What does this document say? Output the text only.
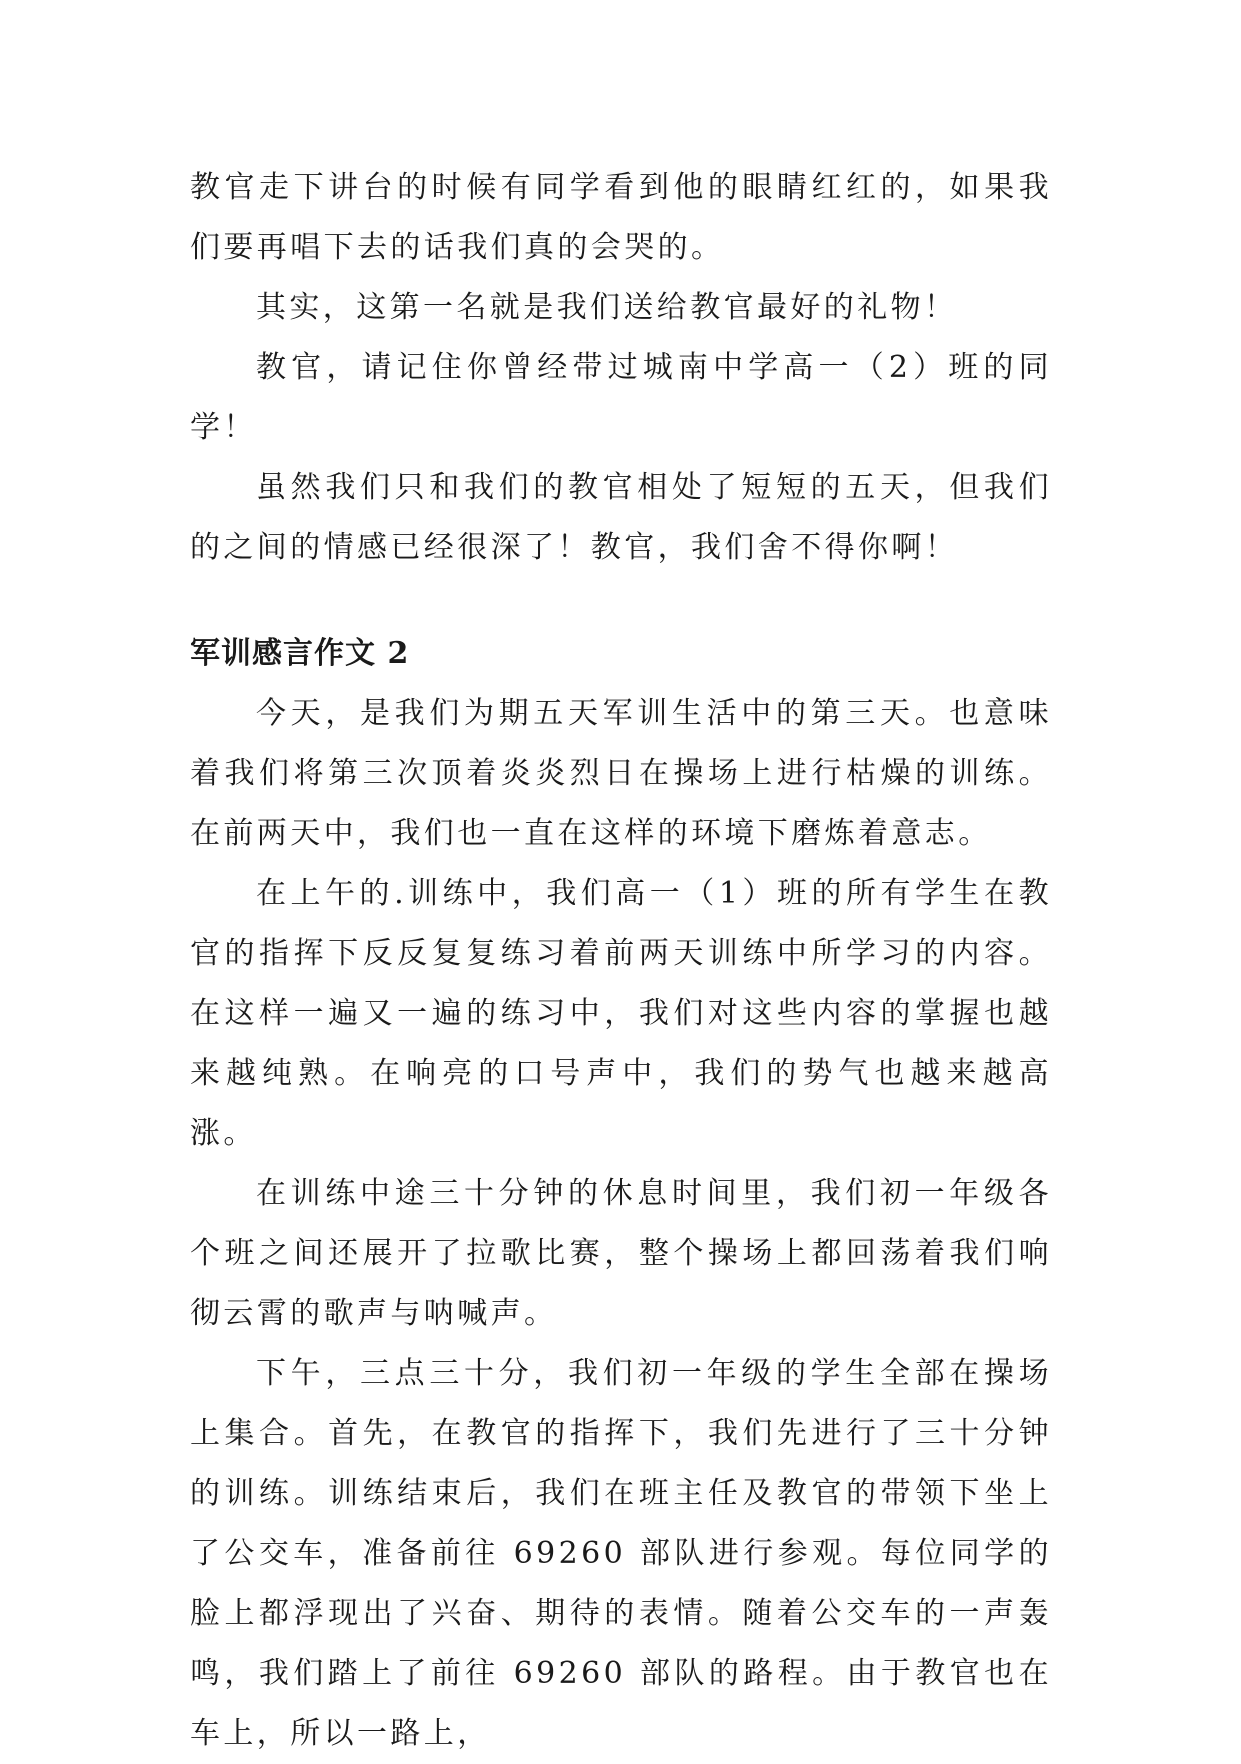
教官走下讲台的时候有同学看到他的眼睛红红的，如果我们要再唱下去的话我们真的会哭的。

其实，这第一名就是我们送给教官最好的礼物！

教官，请记住你曾经带过城南中学高一（2）班的同学！

虽然我们只和我们的教官相处了短短的五天，但我们的之间的情感已经很深了！教官，我们舍不得你啊！

军训感言作文 2

今天，是我们为期五天军训生活中的第三天。也意味着我们将第三次顶着炎炎烈日在操场上进行枯燥的训练。在前两天中，我们也一直在这样的环境下磨炼着意志。

在上午的.训练中，我们高一（1）班的所有学生在教官的指挥下反反复复练习着前两天训练中所学习的内容。在这样一遍又一遍的练习中，我们对这些内容的掌握也越来越纯熟。在响亮的口号声中，我们的势气也越来越高涨。

在训练中途三十分钟的休息时间里，我们初一年级各个班之间还展开了拉歌比赛，整个操场上都回荡着我们响彻云霄的歌声与呐喊声。

下午，三点三十分，我们初一年级的学生全部在操场上集合。首先，在教官的指挥下，我们先进行了三十分钟的训练。训练结束后，我们在班主任及教官的带领下坐上了公交车，准备前往 69260 部队进行参观。每位同学的脸上都浮现出了兴奋、期待的表情。随着公交车的一声轰鸣，我们踏上了前往 69260 部队的路程。由于教官也在车上，所以一路上，
